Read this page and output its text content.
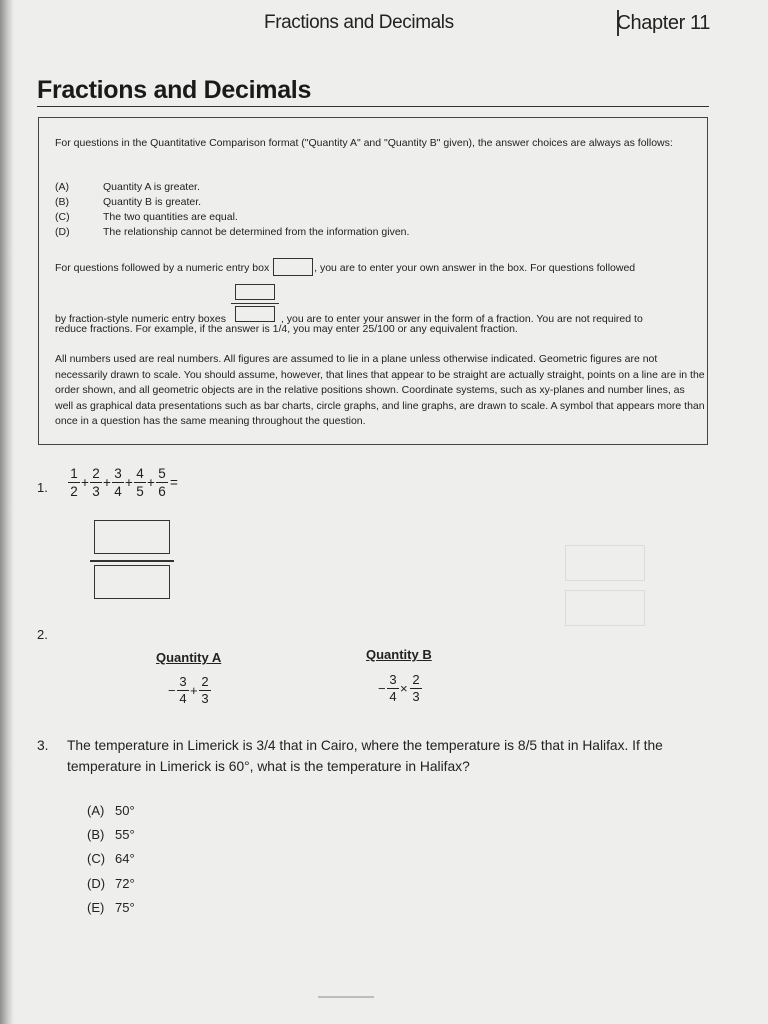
Fractions and Decimals	Chapter 11
Fractions and Decimals
For questions in the Quantitative Comparison format ("Quantity A" and "Quantity B" given), the answer choices are always as follows:
(A)	Quantity A is greater.
(B)	Quantity B is greater.
(C)	The two quantities are equal.
(D)	The relationship cannot be determined from the information given.
For questions followed by a numeric entry box	, you are to enter your own answer in the box. For questions followed
by fraction-style numeric entry boxes	, you are to enter your answer in the form of a fraction. You are not required to
reduce fractions. For example, if the answer is 1/4, you may enter 25/100 or any equivalent fraction.
All numbers used are real numbers. All figures are assumed to lie in a plane unless otherwise indicated. Geometric figures are not necessarily drawn to scale. You should assume, however, that lines that appear to be straight are actually straight, points on a line are in the order shown, and all geometric objects are in the relative positions shown. Coordinate systems, such as xy-planes and number lines, as well as graphical data presentations such as bar charts, circle graphs, and line graphs, are drawn to scale. A symbol that appears more than once in a question has the same meaning throughout the question.
1.
1
2
+
2
3
+
3
4
+
4
5
+
5
6
=
2.
Quantity A	Quantity B
−
3
4
+
2
3
−
3
4
×
2
3
3. The temperature in Limerick is 3/4 that in Cairo, where the temperature is 8/5 that in Halifax. If the temperature in Limerick is 60°, what is the temperature in Halifax?
(A) 50°
(B) 55°
(C) 64°
(D) 72°
(E) 75°
